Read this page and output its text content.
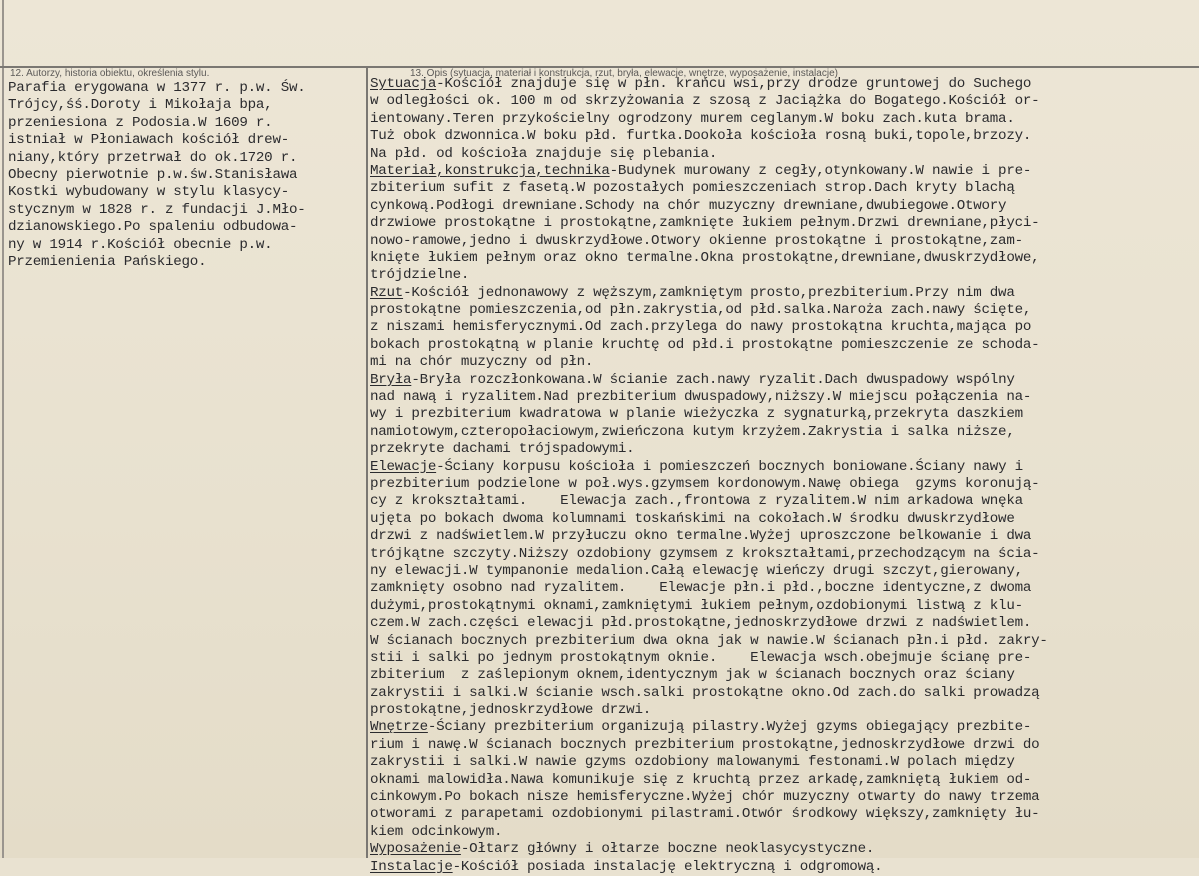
12. Autorzy, historia obiektu, określenia stylu.	13. Opis (sytuacja, materiał i konstrukcja, rzut, bryła, elewacje, wnętrze, wyposażenie, instalacje)
Parafia erygowana w 1377 r. p.w. Św.
Trójcy,śś.Doroty i Mikołaja bpa,
przeniesiona z Podosia.W 1609 r.
istniał w Płoniawach kościół drew-
niany,który przetrwał do ok.1720 r.
Obecny pierwotnie p.w.św.Stanisława
Kostki wybudowany w stylu klasycy-
stycznym w 1828 r. z fundacji J.Mło-
dzianowskiego.Po spaleniu odbudowa-
ny w 1914 r.Kościół obecnie p.w.
Przemienienia Pańskiego.
Sytuacja-Kościół znajduje się w płn. krańcu wsi,przy drodze gruntowej do Suchego
w odległości ok. 100 m od skrzyżowania z szosą z Jaciążka do Bogatego.Kościół or-
ientowany.Teren przykościelny ogrodzony murem ceglanym.W boku zach.kuta brama.
Tuż obok dzwonnica.W boku płd. furtka.Dookoła kościoła rosną buki,topole,brzozy.
Na płd. od kościoła znajduje się plebania.
Materiał,konstrukcja,technika-Budynek murowany z cegły,otynkowany.W nawie i pre-
zbiterium sufit z fasetą.W pozostałych pomieszczeniach strop.Dach kryty blachą
cynkową.Podłogi drewniane.Schody na chór muzyczny drewniane,dwubiegowe.Otwory
drzwiowe prostokątne i prostokątne,zamknięte łukiem pełnym.Drzwi drewniane,płyci-
nowo-ramowe,jedno i dwuskrzydłowe.Otwory okienne prostokątne i prostokątne,zam-
knięte łukiem pełnym oraz okno termalne.Okna prostokątne,drewniane,dwuskrzydłowe,
trójdzielne.
Rzut-Kościół jednonawowy z węższym,zamkniętym prosto,prezbiterium.Przy nim dwa
prostokątne pomieszczenia,od płn.zakrystia,od płd.salka.Naroża zach.nawy ścięte,
z niszami hemisferycznymi.Od zach.przylega do nawy prostokątna kruchta,mająca po
bokach prostokątną w planie kruchtę od płd.i prostokątne pomieszczenie ze schoda-
mi na chór muzyczny od płn.
Bryła-Bryła rozczłonkowana.W ścianie zach.nawy ryzalit.Dach dwuspadowy wspólny
nad nawą i ryzalitem.Nad prezbiterium dwuspadowy,niższy.W miejscu połączenia na-
wy i prezbiterium kwadratowa w planie wieżyczka z sygnaturką,przekryta daszkiem
namiotowym,czteropołaciowym,zwieńczona kutym krzyżem.Zakrystia i salka niższe,
przekryte dachami trójspadowymi.
Elewacje-Ściany korpusu kościoła i pomieszczeń bocznych boniowane.Ściany nawy i
prezbiterium podzielone w poł.wys.gzymsem kordonowym.Nawę obiega  gzyms koronują-
cy z krokształtami.    Elewacja zach.,frontowa z ryzalitem.W nim arkadowa wnęka
ujęta po bokach dwoma kolumnami toskańskimi na cokołach.W środku dwuskrzydłowe
drzwi z nadświetlem.W przyłuczu okno termalne.Wyżej uproszczone belkowanie i dwa
trójkątne szczyty.Niższy ozdobiony gzymsem z krokształtami,przechodzącym na ścia-
ny elewacji.W tympanonie medalion.Całą elewację wieńczy drugi szczyt,gierowany,
zamknięty osobno nad ryzalitem.    Elewacje płn.i płd.,boczne identyczne,z dwoma
dużymi,prostokątnymi oknami,zamkniętymi łukiem pełnym,ozdobionymi listwą z klu-
czem.W zach.części elewacji płd.prostokątne,jednoskrzydłowe drzwi z nadświetlem.
W ścianach bocznych prezbiterium dwa okna jak w nawie.W ścianach płn.i płd. zakry-
stii i salki po jednym prostokątnym oknie.    Elewacja wsch.obejmuje ścianę pre-
zbiterium  z zaślepionym oknem,identycznym jak w ścianach bocznych oraz ściany
zakrystii i salki.W ścianie wsch.salki prostokątne okno.Od zach.do salki prowadzą
prostokątne,jednoskrzydłowe drzwi.
Wnętrze-Ściany prezbiterium organizują pilastry.Wyżej gzyms obiegający prezbite-
rium i nawę.W ścianach bocznych prezbiterium prostokątne,jednoskrzydłowe drzwi do
zakrystii i salki.W nawie gzyms ozdobiony malowanymi festonami.W polach między
oknami malowidła.Nawa komunikuje się z kruchtą przez arkadę,zamkniętą łukiem od-
cinkowym.Po bokach nisze hemisferyczne.Wyżej chór muzyczny otwarty do nawy trzema
otworami z parapetami ozdobionymi pilastrami.Otwór środkowy większy,zamknięty łu-
kiem odcinkowym.
Wyposażenie-Ołtarz główny i ołtarze boczne neoklasycystyczne.
Instalacje-Kościół posiada instalację elektryczną i odgromową.
